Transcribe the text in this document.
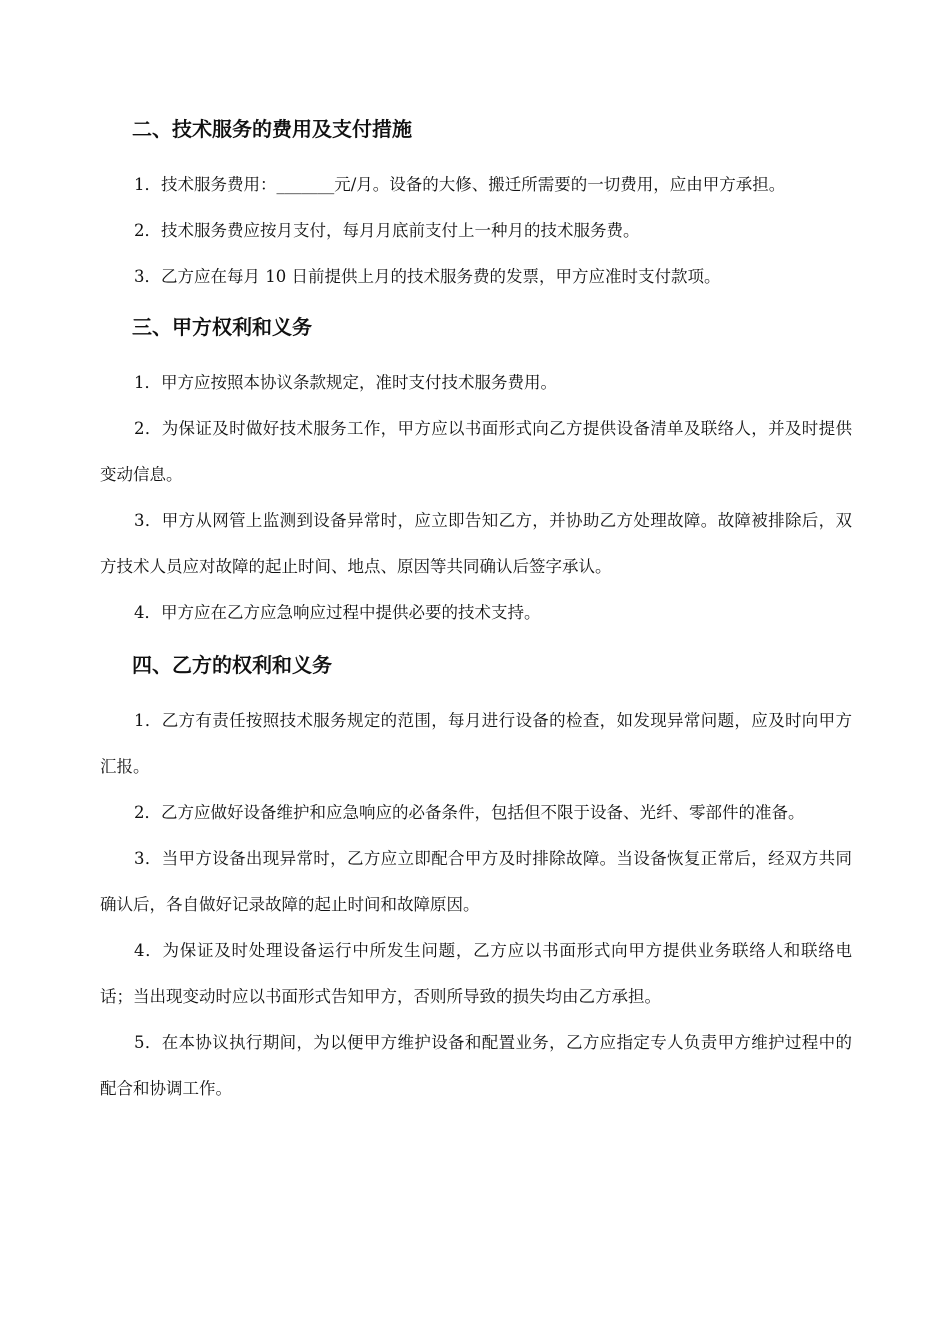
二、技术服务的费用及支付措施

1．技术服务费用：_______元/月。设备的大修、搬迁所需要的一切费用，应由甲方承担。

2．技术服务费应按月支付，每月月底前支付上一种月的技术服务费。

3．乙方应在每月 10 日前提供上月的技术服务费的发票，甲方应准时支付款项。

三、甲方权利和义务

1．甲方应按照本协议条款规定，准时支付技术服务费用。

2．为保证及时做好技术服务工作，甲方应以书面形式向乙方提供设备清单及联络人，并及时提供变动信息。

3．甲方从网管上监测到设备异常时，应立即告知乙方，并协助乙方处理故障。故障被排除后，双方技术人员应对故障的起止时间、地点、原因等共同确认后签字承认。

4．甲方应在乙方应急响应过程中提供必要的技术支持。

四、乙方的权利和义务

1．乙方有责任按照技术服务规定的范围，每月进行设备的检查，如发现异常问题，应及时向甲方汇报。

2．乙方应做好设备维护和应急响应的必备条件，包括但不限于设备、光纤、零部件的准备。

3．当甲方设备出现异常时，乙方应立即配合甲方及时排除故障。当设备恢复正常后，经双方共同确认后，各自做好记录故障的起止时间和故障原因。

4．为保证及时处理设备运行中所发生问题，乙方应以书面形式向甲方提供业务联络人和联络电话；当出现变动时应以书面形式告知甲方，否则所导致的损失均由乙方承担。

5．在本协议执行期间，为以便甲方维护设备和配置业务，乙方应指定专人负责甲方维护过程中的配合和协调工作。
